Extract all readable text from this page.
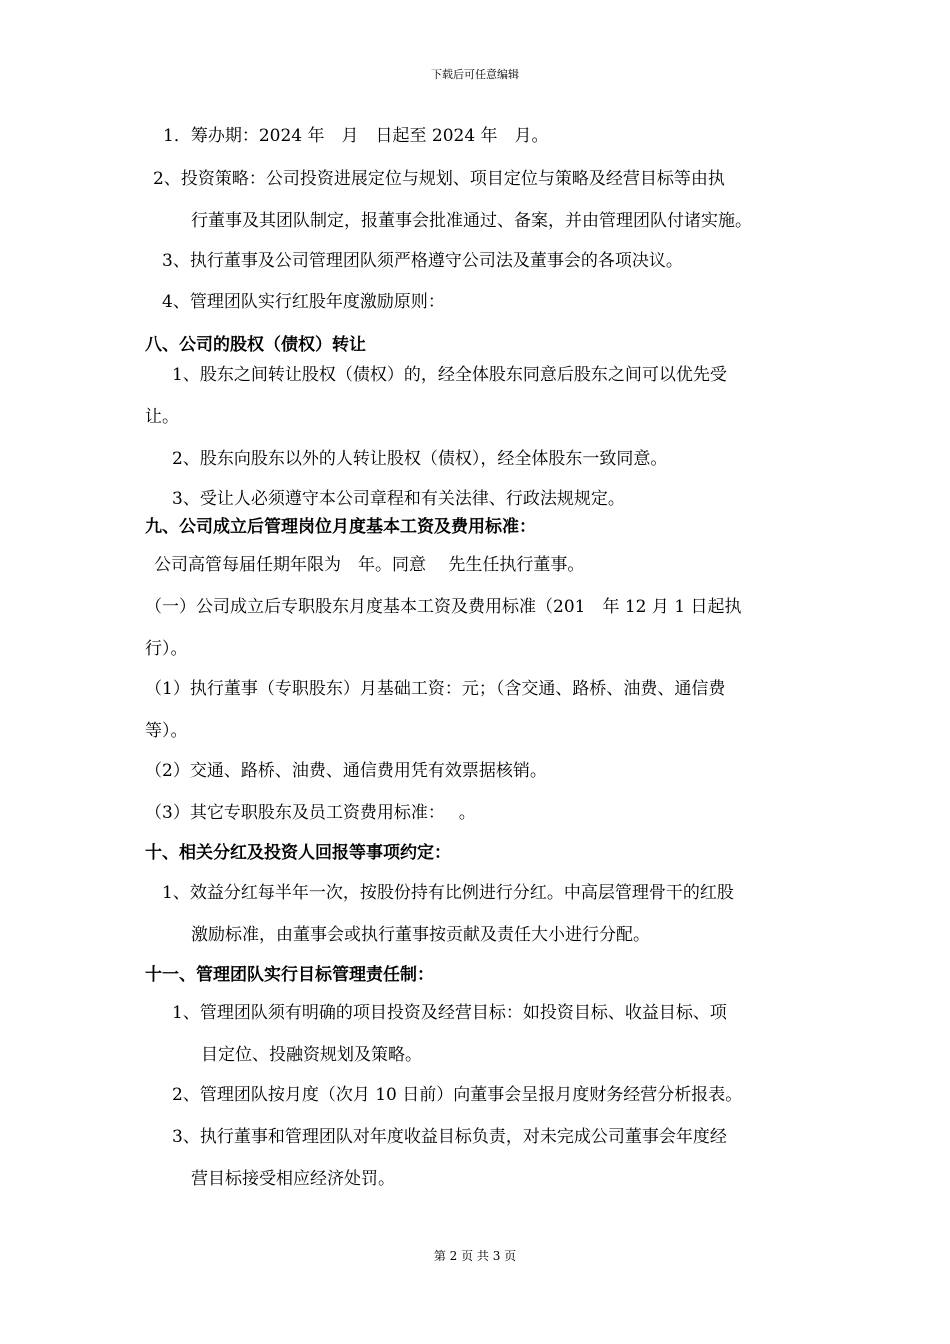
下载后可任意编辑
1．筹办期：2024 年　月　日起至 2024 年　月。
2、投资策略：公司投资进展定位与规划、项目定位与策略及经营目标等由执
行董事及其团队制定，报董事会批准通过、备案，并由管理团队付诸实施。
3、执行董事及公司管理团队须严格遵守公司法及董事会的各项决议。
4、管理团队实行红股年度激励原则：
八、公司的股权（债权）转让
1、股东之间转让股权（债权）的，经全体股东同意后股东之间可以优先受
让。
2、股东向股东以外的人转让股权（债权），经全体股东一致同意。
3、受让人必须遵守本公司章程和有关法律、行政法规规定。
九、公司成立后管理岗位月度基本工资及费用标准：
公司高管每届任期年限为　年。同意　 先生任执行董事。
（一）公司成立后专职股东月度基本工资及费用标准（201　年 12 月 1 日起执
行）。
（1）执行董事（专职股东）月基础工资：元；（含交通、路桥、油费、通信费
等）。
（2）交通、路桥、油费、通信费用凭有效票据核销。
（3）其它专职股东及员工资费用标准：　 。
十、相关分红及投资人回报等事项约定：
1、效益分红每半年一次，按股份持有比例进行分红。中高层管理骨干的红股
激励标准，由董事会或执行董事按贡献及责任大小进行分配。
十一、管理团队实行目标管理责任制：
1、管理团队须有明确的项目投资及经营目标：如投资目标、收益目标、项
目定位、投融资规划及策略。
2、管理团队按月度（次月 10 日前）向董事会呈报月度财务经营分析报表。
3、执行董事和管理团队对年度收益目标负责，对未完成公司董事会年度经
营目标接受相应经济处罚。
第 2 页 共 3 页
